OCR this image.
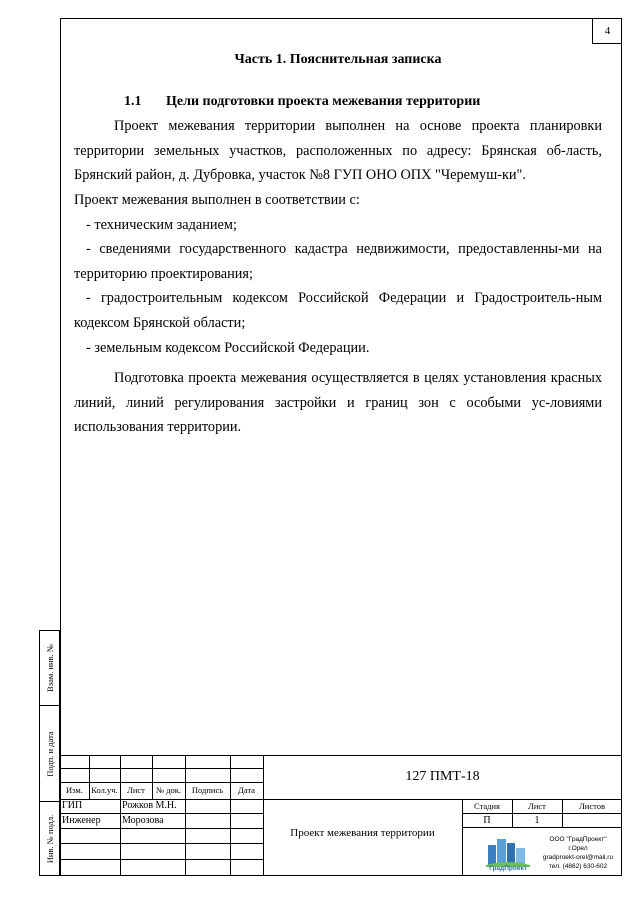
4
Часть 1. Пояснительная записка
1.1 Цели подготовки проекта межевания территории

Проект межевания территории выполнен на основе проекта планировки территории земельных участков, расположенных по адресу: Брянская об-ласть, Брянский район, д. Дубровка, участок №8 ГУП ОНО ОПХ "Черемуш-ки".

Проект межевания выполнен в соответствии с:

- техническим заданием;

- сведениями государственного кадастра недвижимости, предоставленны-ми на территорию проектирования;

- градостроительным кодексом Российской Федерации и Градостроитель-ным кодексом Брянской области;

- земельным кодексом Российской Федерации.

Подготовка проекта межевания осуществляется в целях установления красных линий, линий регулирования застройки и границ зон с особыми ус-ловиями использования территории.

Взам. инв. №
Подп. и дата
Инв. № подл.
127 ПМТ-18
Изм. Кол.уч.	Лист	№ док.	Подпись	Дата
ГИП	Рожков М.Н.
Инженер Морозова
Проект межевания территории
Стадия	Лист	Листов
П	1
ГрадПроект
ООО "ГрадПроект"
г.Орел
gradproekt-orel@mail.ru
тел. (4862) 630-602
